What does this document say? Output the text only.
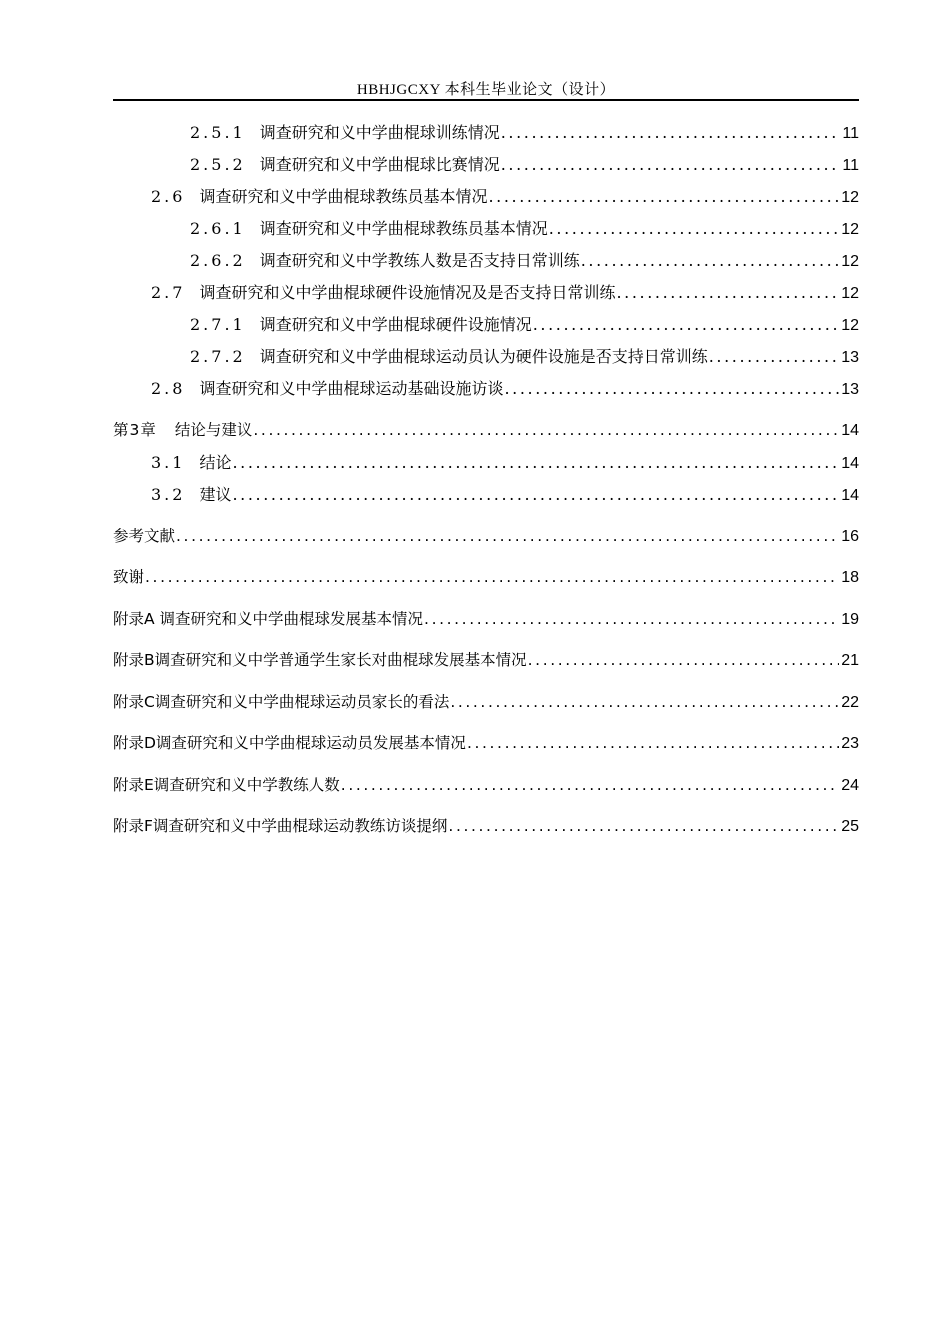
HBHJGCXY 本科生毕业论文（设计）
2.5.1 调查研究和义中学曲棍球训练情况 .....	11
2.5.2 调查研究和义中学曲棍球比赛情况 .....	11
2.6 调查研究和义中学曲棍球教练员基本情况 .....	12
2.6.1 调查研究和义中学曲棍球教练员基本情况 .....	12
2.6.2 调查研究和义中学教练人数是否支持日常训练 .....	12
2.7 调查研究和义中学曲棍球硬件设施情况及是否支持日常训练 .....	12
2.7.1 调查研究和义中学曲棍球硬件设施情况 .....	12
2.7.2 调查研究和义中学曲棍球运动员认为硬件设施是否支持日常训练 .....	13
2.8 调查研究和义中学曲棍球运动基础设施访谈 .....	13
第3章 结论与建议 .....	14
3.1 结论 .....	14
3.2 建议 .....	14
参考文献 .....	16
致谢 .....	18
附录A 调查研究和义中学曲棍球发展基本情况 .....	19
附录B调查研究和义中学普通学生家长对曲棍球发展基本情况 .....	21
附录C调查研究和义中学曲棍球运动员家长的看法 .....	22
附录D调查研究和义中学曲棍球运动员发展基本情况 .....	23
附录E调查研究和义中学教练人数 .....	24
附录F调查研究和义中学曲棍球运动教练访谈提纲 .....	25
